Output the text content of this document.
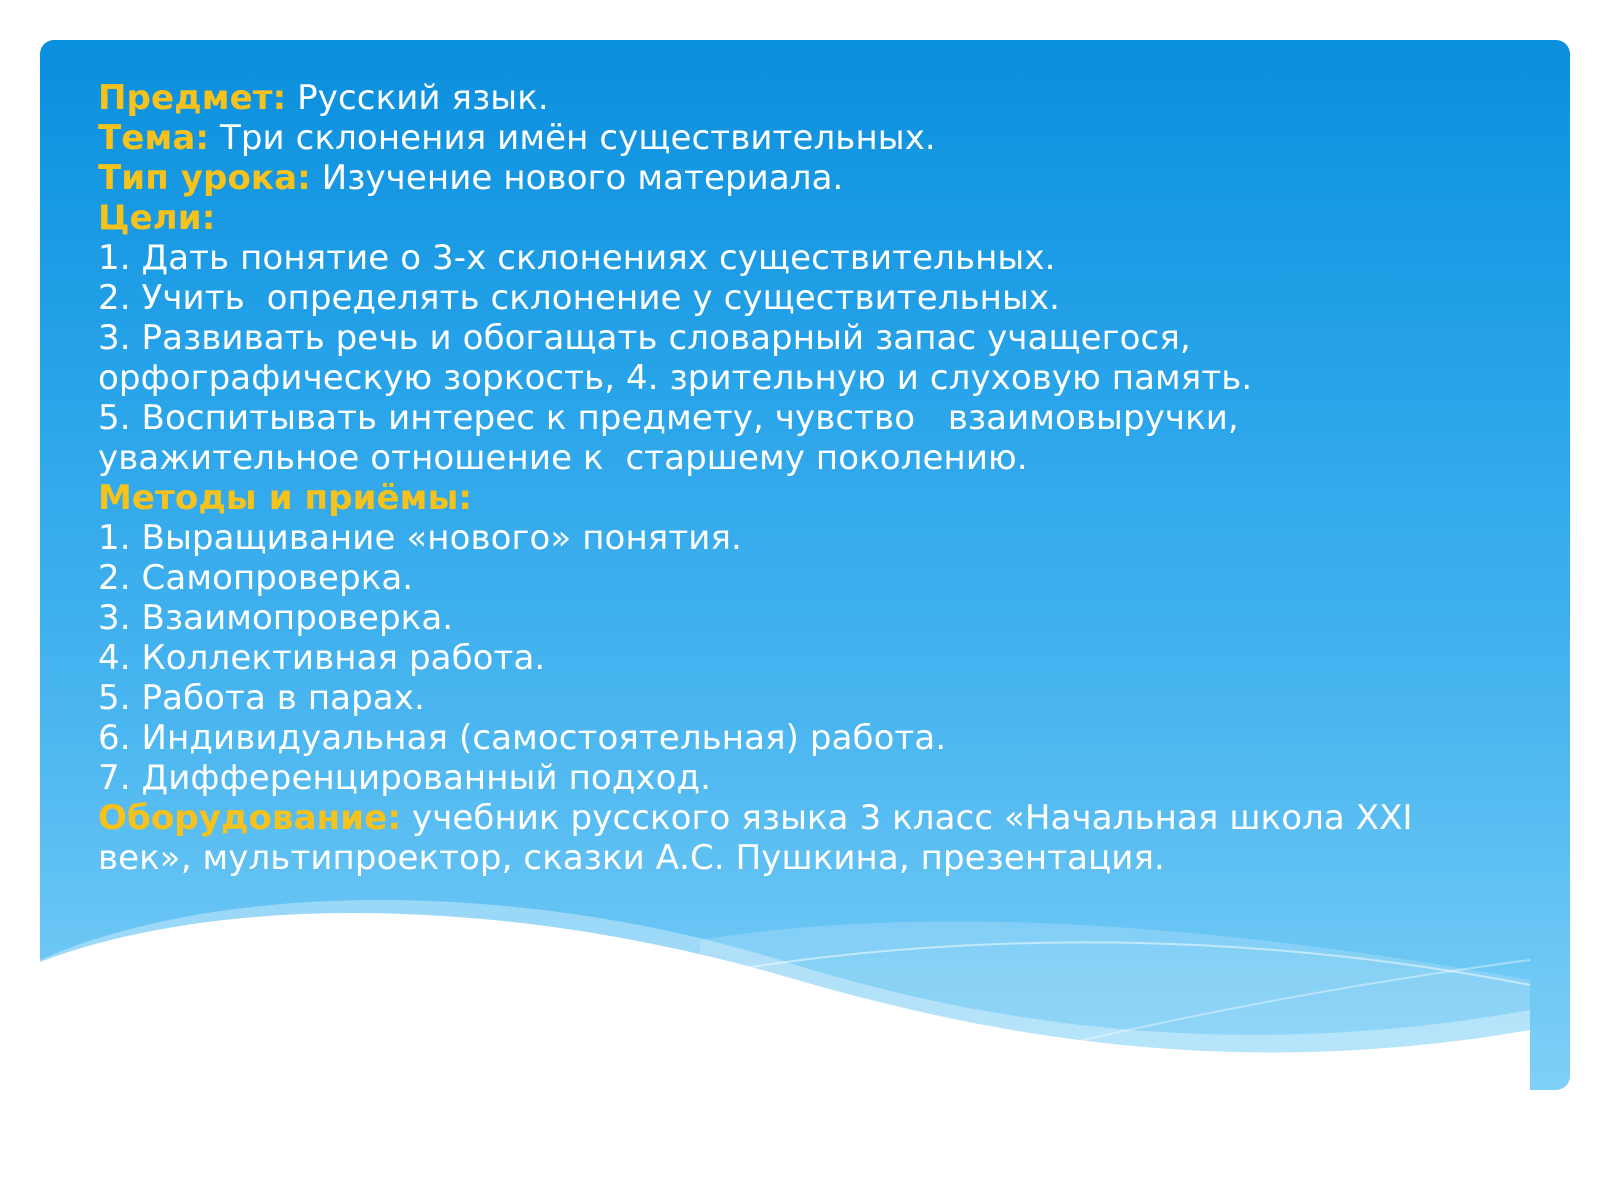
Предмет: Русский язык.
Тема: Три склонения имён существительных.
Тип урока: Изучение нового материала.
Цели:
1. Дать понятие о 3-х склонениях существительных.
2. Учить  определять склонение у существительных.
3. Развивать речь и обогащать словарный запас учащегося,
орфографическую зоркость, 4. зрительную и слуховую память.
5. Воспитывать интерес к предмету, чувство   взаимовыручки,
уважительное отношение к  старшему поколению.
Методы и приёмы:
1. Выращивание «нового» понятия.
2. Самопроверка.
3. Взаимопроверка.
4. Коллективная работа.
5. Работа в парах.
6. Индивидуальная (самостоятельная) работа.
7. Дифференцированный подход.
Оборудование: учебник русского языка 3 класс «Начальная школа XXI век», мультипроектор, сказки А.С. Пушкина, презентация.
